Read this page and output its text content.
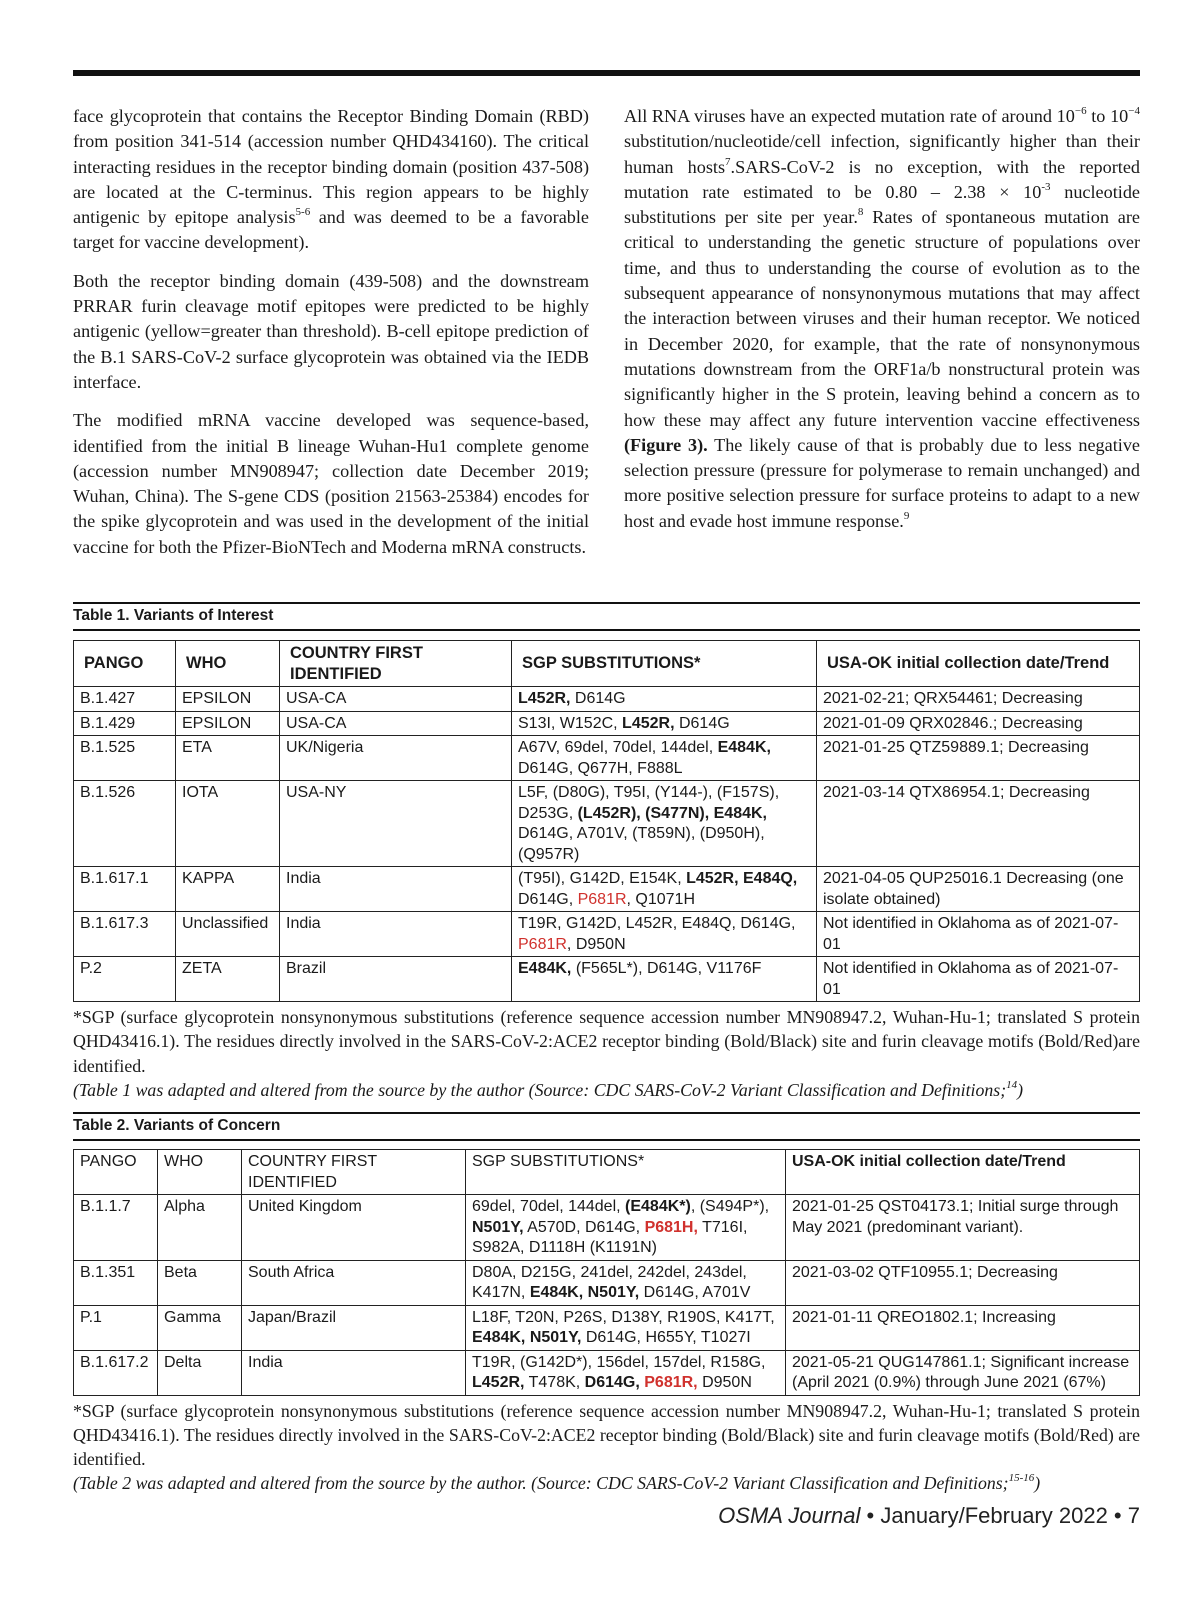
face glycoprotein that contains the Receptor Binding Domain (RBD) from position 341-514 (accession number QHD434160). The critical interacting residues in the receptor binding domain (position 437-508) are located at the C-terminus. This region appears to be highly antigenic by epitope analysis$^{5-6}$ and was deemed to be a favorable target for vaccine development).

Both the receptor binding domain (439-508) and the downstream PRRAR furin cleavage motif epitopes were predicted to be highly antigenic (yellow=greater than threshold). B-cell epitope prediction of the B.1 SARS-CoV-2 surface glycoprotein was obtained via the IEDB interface.

The modified mRNA vaccine developed was sequence-based, identified from the initial B lineage Wuhan-Hu1 complete genome (accession number MN908947; collection date December 2019; Wuhan, China). The S-gene CDS (position 21563-25384) encodes for the spike glycoprotein and was used in the development of the initial vaccine for both the Pfizer-BioNTech and Moderna mRNA constructs.

All RNA viruses have an expected mutation rate of around $10^{-6}$ to $10^{-4}$ substitution/nucleotide/cell infection, significantly higher than their human hosts$^7$.SARS-CoV-2 is no exception, with the reported mutation rate estimated to be $0.80 - 2.38 \times 10^{-3}$ nucleotide substitutions per site per year.$^8$ Rates of spontaneous mutation are critical to understanding the genetic structure of populations over time, and thus to understanding the course of evolution as to the subsequent appearance of nonsynonymous mutations that may affect the interaction between viruses and their human receptor. We noticed in December 2020, for example, that the rate of nonsynonymous mutations downstream from the ORF1a/b nonstructural protein was significantly higher in the S protein, leaving behind a concern as to how these may affect any future intervention vaccine effectiveness (Figure 3). The likely cause of that is probably due to less negative selection pressure (pressure for polymerase to remain unchanged) and more positive selection pressure for surface proteins to adapt to a new host and evade host immune response.$^9$

Table 1. Variants of Interest
PANGO	WHO	COUNTRY FIRST IDENTIFIED	SGP SUBSTITUTIONS*	USA-OK initial collection date/Trend
B.1.427	EPSILON	USA-CA	L452R, D614G	2021-02-21; QRX54461; Decreasing
B.1.429	EPSILON	USA-CA	S13I, W152C, L452R, D614G	2021-01-09 QRX02846.; Decreasing
B.1.525	ETA	UK/Nigeria	A67V, 69del, 70del, 144del, E484K, D614G, Q677H, F888L	2021-01-25 QTZ59889.1; Decreasing
B.1.526	IOTA	USA-NY	L5F, (D80G), T95I, (Y144-), (F157S), D253G, (L452R), (S477N), E484K, D614G, A701V, (T859N), (D950H), (Q957R)	2021-03-14 QTX86954.1; Decreasing
B.1.617.1	KAPPA	India	(T95I), G142D, E154K, L452R, E484Q, D614G, P681R, Q1071H	2021-04-05 QUP25016.1 Decreasing (one isolate obtained)
B.1.617.3	Unclassified	India	T19R, G142D, L452R, E484Q, D614G, P681R, D950N	Not identified in Oklahoma as of 2021-07-01
P.2	ZETA	Brazil	E484K, (F565L*), D614G, V1176F	Not identified in Oklahoma as of 2021-07-01
*SGP (surface glycoprotein nonsynonymous substitutions (reference sequence accession number MN908947.2, Wuhan-Hu-1; translated S protein QHD43416.1). The residues directly involved in the SARS-CoV-2:ACE2 receptor binding (Bold/Black) site and furin cleavage motifs (Bold/Red)are identified.
(Table 1 was adapted and altered from the source by the author (Source: CDC SARS-CoV-2 Variant Classification and Definitions;$^{14}$)
Table 2. Variants of Concern
PANGO	WHO	COUNTRY FIRST IDENTIFIED	SGP SUBSTITUTIONS*	USA-OK initial collection date/Trend
B.1.1.7	Alpha	United Kingdom	69del, 70del, 144del, (E484K*), (S494P*), N501Y, A570D, D614G, P681H, T716I, S982A, D1118H (K1191N)	2021-01-25 QST04173.1; Initial surge through May 2021 (predominant variant).
B.1.351	Beta	South Africa	D80A, D215G, 241del, 242del, 243del, K417N, E484K, N501Y, D614G, A701V	2021-03-02 QTF10955.1; Decreasing
P.1	Gamma	Japan/Brazil	L18F, T20N, P26S, D138Y, R190S, K417T, E484K, N501Y, D614G, H655Y, T1027I	2021-01-11 QREO1802.1; Increasing
B.1.617.2	Delta	India	T19R, (G142D*), 156del, 157del, R158G, L452R, T478K, D614G, P681R, D950N	2021-05-21 QUG147861.1; Significant increase (April 2021 (0.9%) through June 2021 (67%)
*SGP (surface glycoprotein nonsynonymous substitutions (reference sequence accession number MN908947.2, Wuhan-Hu-1; translated S protein QHD43416.1). The residues directly involved in the SARS-CoV-2:ACE2 receptor binding (Bold/Black) site and furin cleavage motifs (Bold/Red) are identified.
(Table 2 was adapted and altered from the source by the author. (Source: CDC SARS-CoV-2 Variant Classification and Definitions;$^{15-16}$)
OSMA Journal • January/February 2022 • 7
